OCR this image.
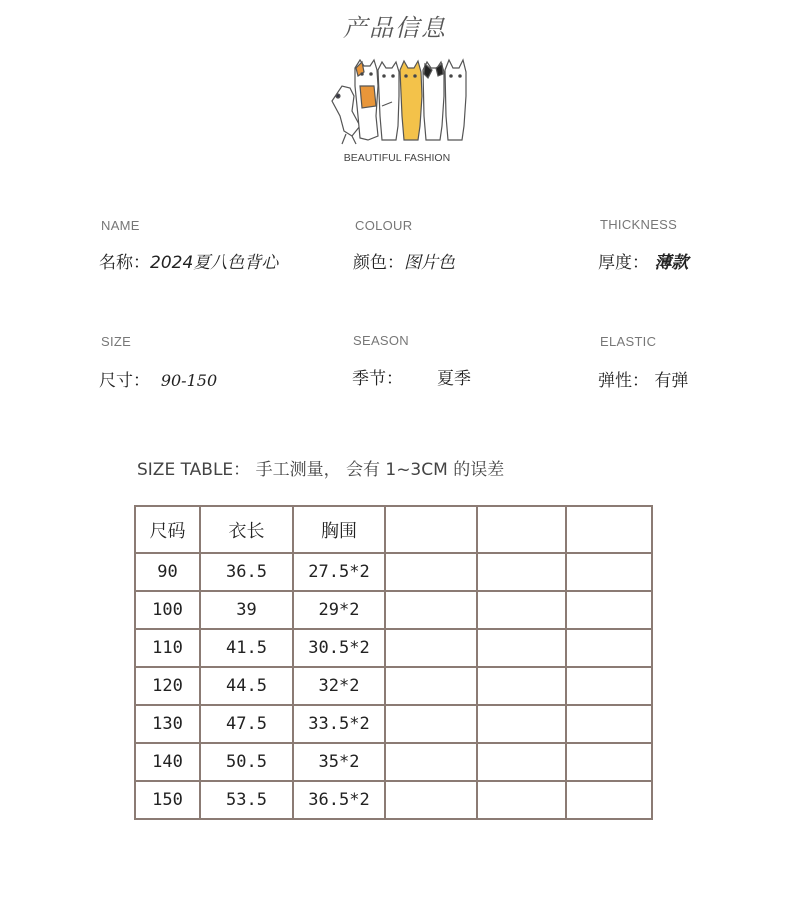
产品信息
BEAUTIFUL FASHION
NAME
名称：2024夏八色背心
COLOUR
颜色：图片色
THICKNESS
厚度： 薄款
SIZE
尺寸： 90-150
SEASON
季节： 夏季
ELASTIC
弹性： 有弹
SIZE TABLE： 手工测量， 会有 1~3CM 的误差
尺码	衣长	胸围			
90	36.5	27.5*2			
100	39	29*2			
110	41.5	30.5*2			
120	44.5	32*2			
130	47.5	33.5*2			
140	50.5	35*2			
150	53.5	36.5*2			
